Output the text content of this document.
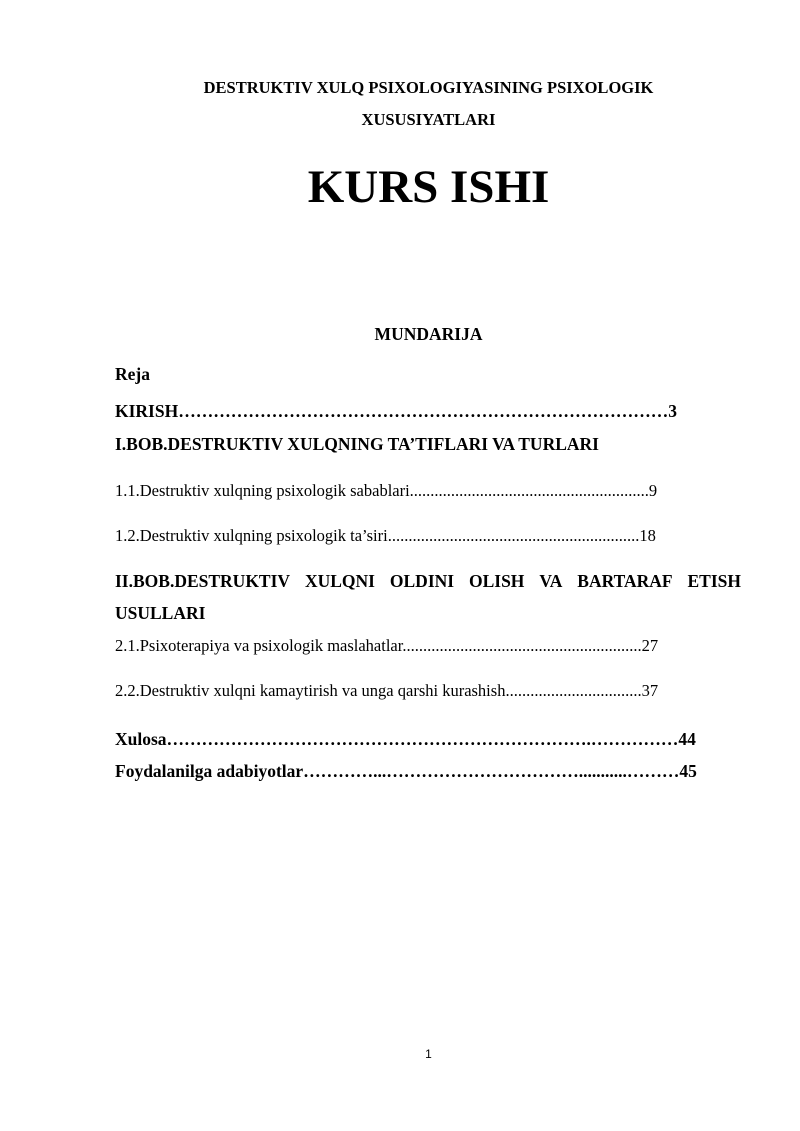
DESTRUKTIV XULQ PSIXOLOGIYASINING PSIXOLOGIK
XUSUSIYATLARI
KURS ISHI
MUNDARIJA
Reja
KIRISH…………………………………………………………………………3
I.BOB.DESTRUKTIV XULQNING TA’TIFLARI VA TURLARI
1.1.Destruktiv xulqning psixologik sabablari..........................................................9
1.2.Destruktiv xulqning psixologik ta’siri.............................................................18
II.BOB.DESTRUKTIV XULQNI OLDINI OLISH VA BARTARAF ETISH
USULLARI
2.1.Psixoterapiya va psixologik maslahatlar..........................................................27
2.2.Destruktiv xulqni kamaytirish va unga qarshi kurashish.................................37
Xulosa……………………………………………………………….……………44
Foydalanilga adabiyotlar…………...……………………………...........………45
1
